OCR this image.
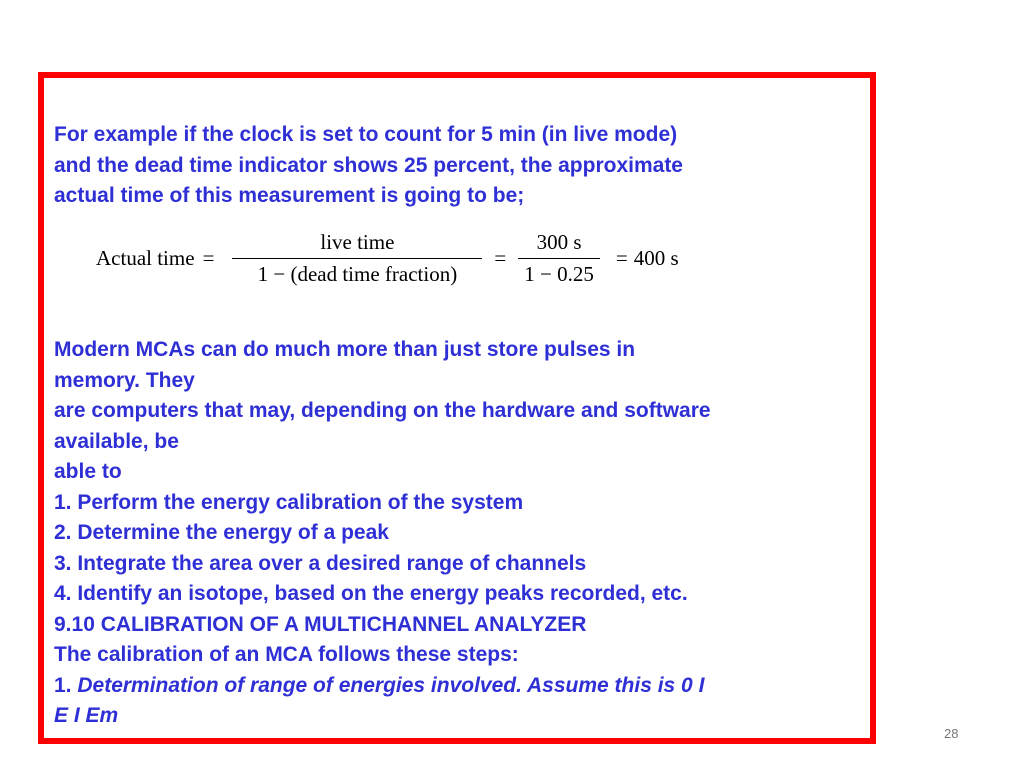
For example if the clock is set to count for 5 min (in live mode)
and the dead time indicator shows 25 percent, the approximate
actual time of this measurement is going to be;
Actual time = $\frac{\text{live time}}{\text{1 − (dead time fraction)}} = \frac{300 s}{1 - 0.25} = 400$ s
Modern MCAs can do much more than just store pulses in
memory. They
are computers that may, depending on the hardware and software
available, be
able to
1. Perform the energy calibration of the system
2. Determine the energy of a peak
3. Integrate the area over a desired range of channels
4. Identify an isotope, based on the energy peaks recorded, etc.
9.10 CALIBRATION OF A MULTICHANNEL ANALYZER
The calibration of an MCA follows these steps:
1. Determination of range of energies involved. Assume this is 0 I
E I Em
28
